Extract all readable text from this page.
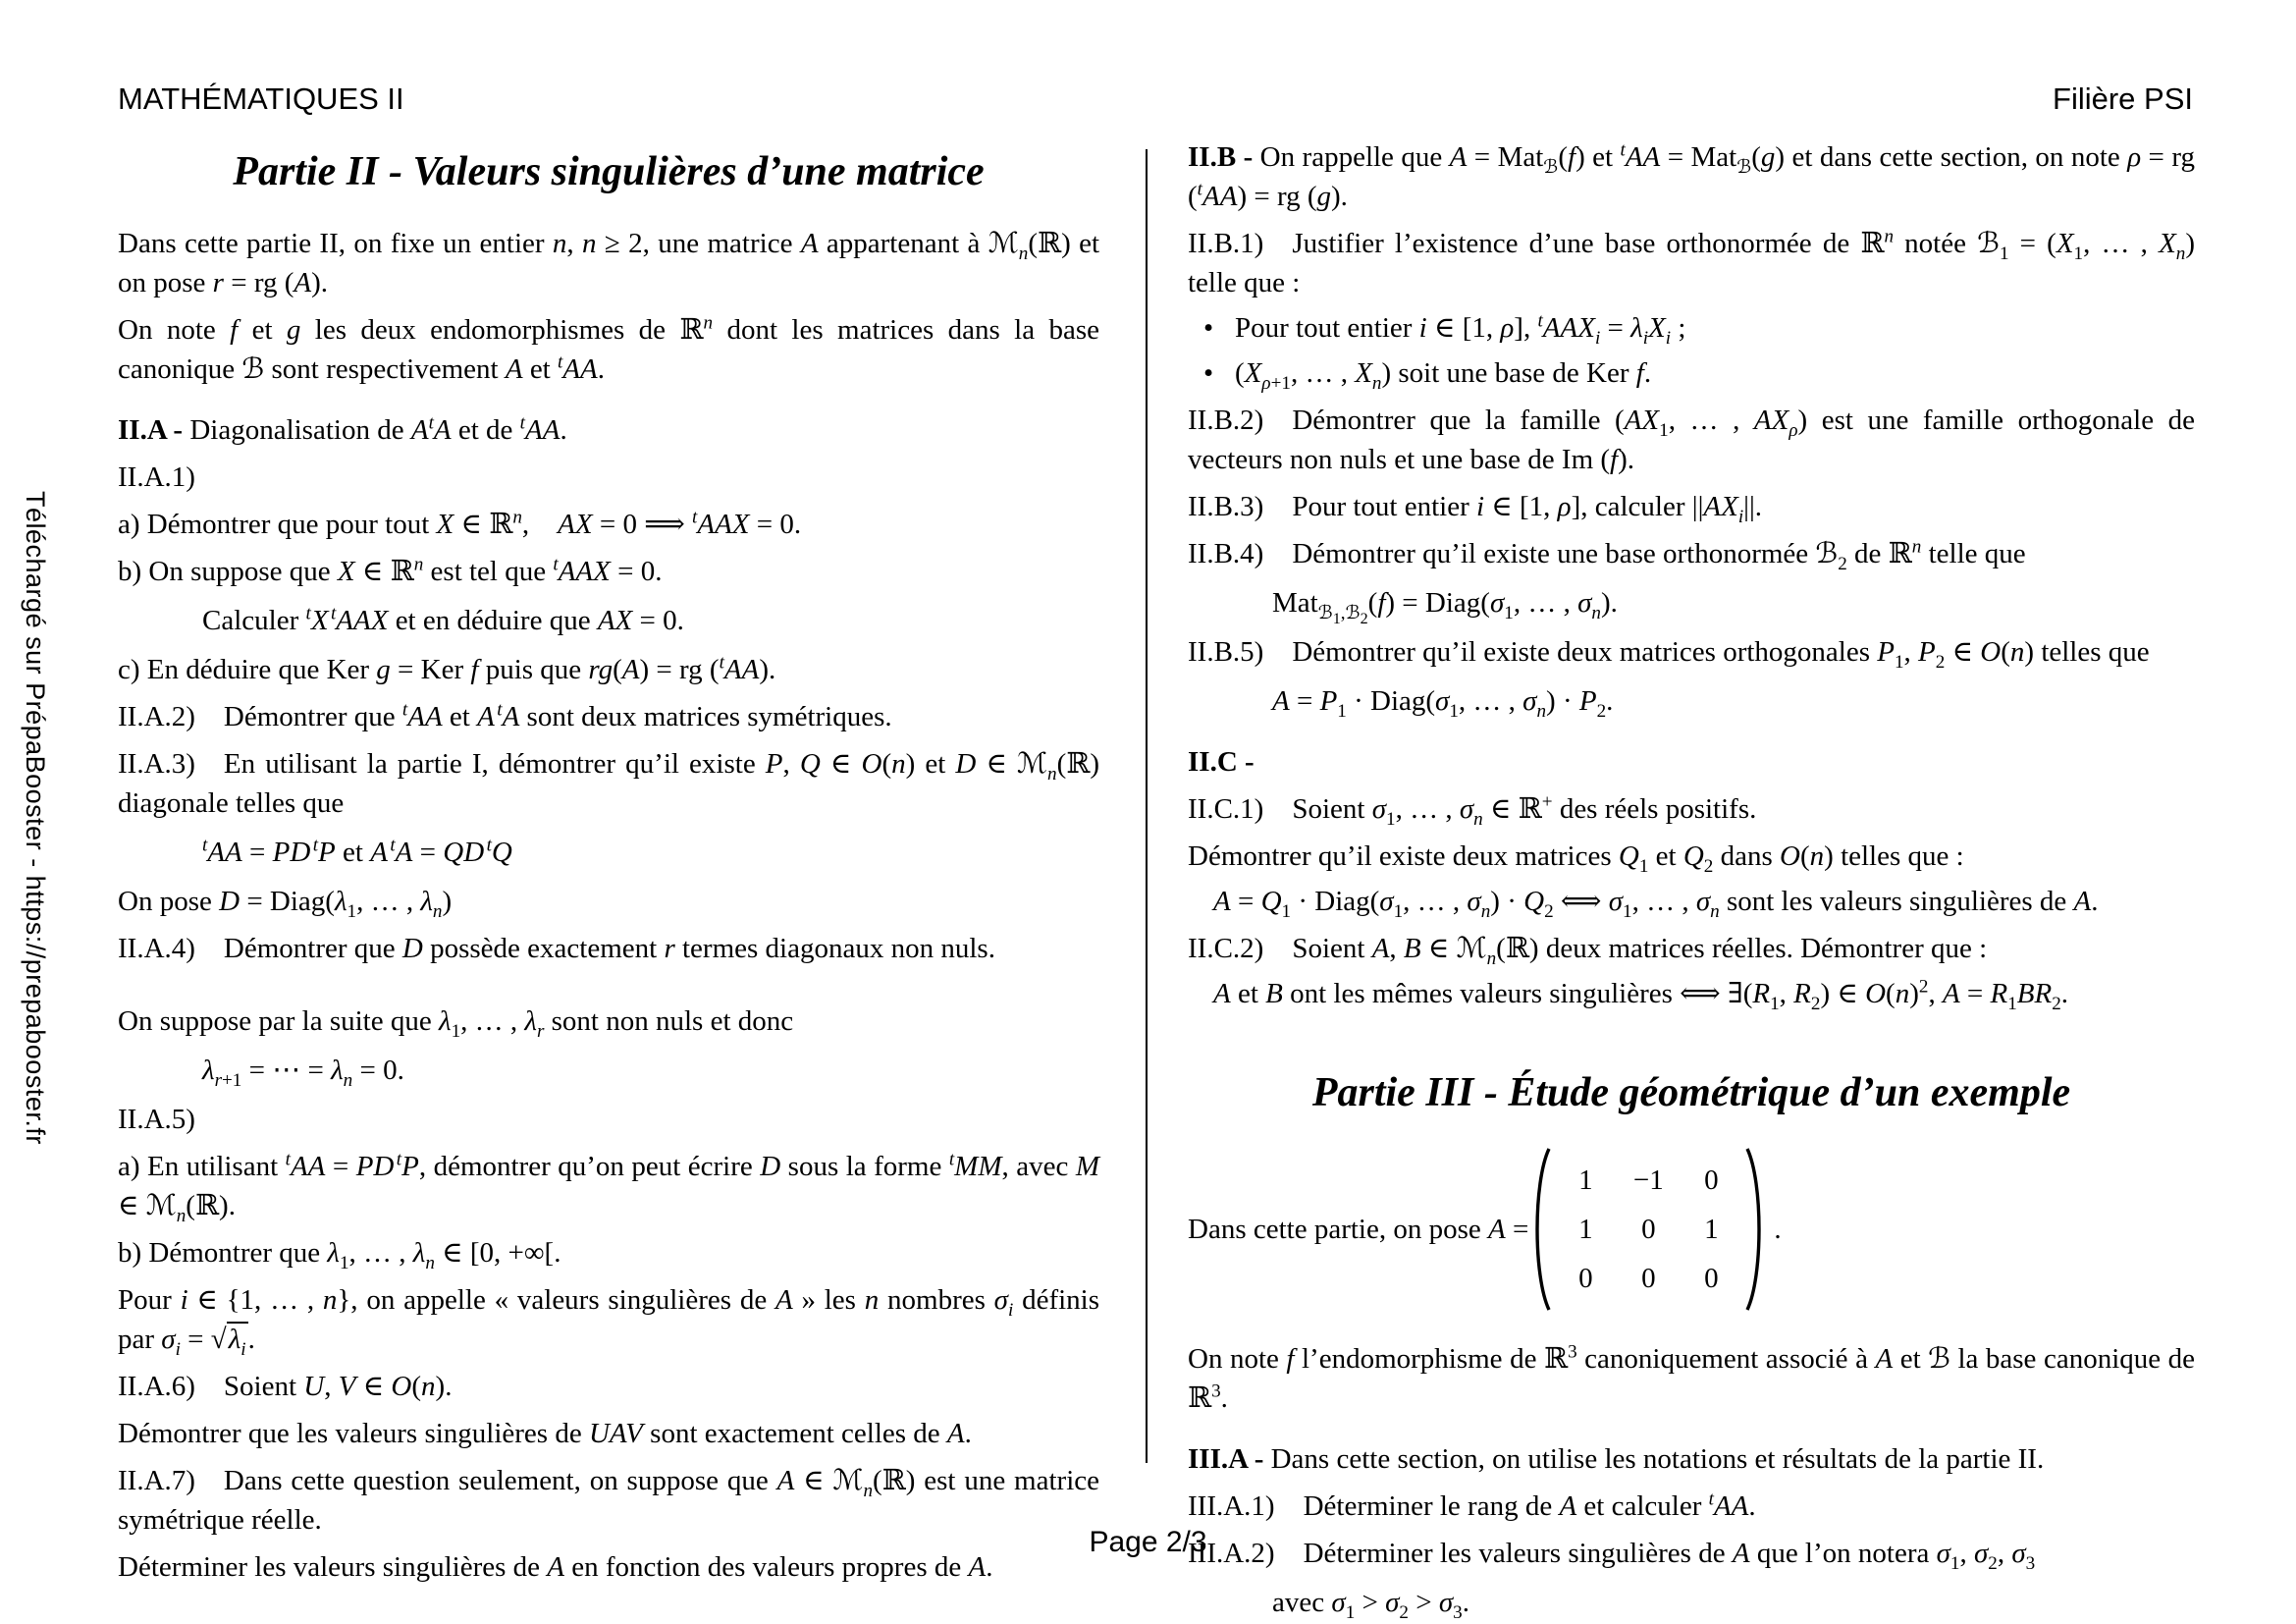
MATHÉMATIQUES II	Filière PSI
Téléchargé sur PrépaBooster - https://prepabooster.fr
Partie II - Valeurs singulières d’une matrice
Dans cette partie II, on fixe un entier n, n ≥ 2, une matrice A appartenant à ℳ$_n$(ℝ) et on pose r = rg (A).
On note f et g les deux endomorphismes de ℝ$^n$ dont les matrices dans la base canonique ℬ sont respectivement A et $^t$AA.
II.A - Diagonalisation de $A^tA$ et de $^t$AA.
II.A.1)
a) Démontrer que pour tout X ∈ ℝ$^n$, AX = 0 ⟹ $^t$AAX = 0.
b) On suppose que X ∈ ℝ$^n$ est tel que $^t$AAX = 0.
Calculer $^t$X  $^t$AAX et en déduire que AX = 0.
c) En déduire que Ker g = Ker f puis que rg(A) = rg ($^t$AA).
II.A.2)  Démontrer que $^t$AA et A  $^t$A sont deux matrices symétriques.
II.A.3)  En utilisant la partie I, démontrer qu’il existe P, Q ∈ O(n) et D ∈ ℳ$_n$(ℝ) diagonale telles que
$^t$AA = PD  $^t$P et A  $^t$A = QD  $^t$Q
On pose $D = Diag(\lambda_1$, … , $\lambda_n$)
II.A.4)  Démontrer que D possède exactement r termes diagonaux non nuls.
On suppose par la suite que $\lambda_1$, … , $\lambda_r$ sont non nuls et donc
$\lambda_{r+1}$ = ⋯ = $\lambda_n = 0$.
II.A.5)
a) En utilisant $^t$AA = PD  $^t$P, démontrer qu’on peut écrire D sous la forme $^t$MM, avec M ∈ ℳ$_n$(ℝ).
b) Démontrer que $\lambda_1$, … , $\lambda_n$ ∈ [0, +∞[.
Pour i ∈ {1, … , n}, on appelle « valeurs singulières de A » les n nombres $\sigma_i$ définis par $\sigma_i = √\lambda_i$.
II.A.6)  Soient U, V ∈ O(n).
Démontrer que les valeurs singulières de UAV sont exactement celles de A.
II.A.7)  Dans cette question seulement, on suppose que A ∈ ℳ$_n$(ℝ) est une matrice symétrique réelle.
Déterminer les valeurs singulières de A en fonction des valeurs propres de A.
II.B - On rappelle que A = Mat$_ℬ$(f) et $^t$AA = Mat$_ℬ$(g) et dans cette section, on note ρ = rg ($^t$AA) = rg (g).
II.B.1)  Justifier l’existence d’une base orthonormée de ℝ$^n$ notée ℬ$_1$ = ($X_1$, … , $X_n$) telle que :
• Pour tout entier i ∈ [1, ρ], $^tAAX_i = \lambda_iX_i$ ;
• ($X_{\rho+1}$, … , $X_n$) soit une base de Ker f.
II.B.2)  Démontrer que la famille ($AX_1$, … , $AX_\rho$) est une famille orthogonale de vecteurs non nuls et une base de Im (f).
II.B.3)  Pour tout entier i ∈ [1, ρ], calculer $||AX_i||$.
II.B.4)  Démontrer qu’il existe une base orthonormée ℬ$_2$ de ℝ$^n$ telle que
$Mat_{ℬ_1,ℬ_2}(f) = Diag(\sigma_1$, … , $\sigma_n$).
II.B.5)  Démontrer qu’il existe deux matrices orthogonales $P_1$, $P_2$ ∈ O(n) telles que
$A = P_1$ · $Diag(\sigma_1$, … , $\sigma_n) \cdot P_2$.
II.C -
II.C.1)  Soient $\sigma_1$, … , $\sigma_n$ ∈ ℝ+ des réels positifs.
Démontrer qu’il existe deux matrices $Q_1$ et $Q_2$ dans O(n) telles que :
$A = Q_1$ · $Diag(\sigma_1$, … , $\sigma_n) \cdot Q_2$ ⟺ $\sigma_1$, … , $\sigma_n$ sont les valeurs singulières de A.
II.C.2)  Soient A, B ∈ ℳ$_n$(ℝ) deux matrices réelles. Démontrer que :
A et B ont les mêmes valeurs singulières ⟺ $\exists(R_1$, $R_2$) ∈ $O(n)^2$, $A = R_1BR_2$.
Partie III - Étude géométrique d’un exemple
Dans cette partie, on pose A =
1	−1	0
1	0	1
0	0	0
.
On note f l’endomorphisme de ℝ$^3$ canoniquement associé à A et ℬ la base canonique de ℝ$^3$.
III.A - Dans cette section, on utilise les notations et résultats de la partie II.
III.A.1)  Déterminer le rang de A et calculer $^t$AA.
III.A.2)  Déterminer les valeurs singulières de A que l’on notera $\sigma_1$, $\sigma_2$, $\sigma_3$
avec $\sigma_1 > \sigma_2 > \sigma_3$.
Page 2/3
